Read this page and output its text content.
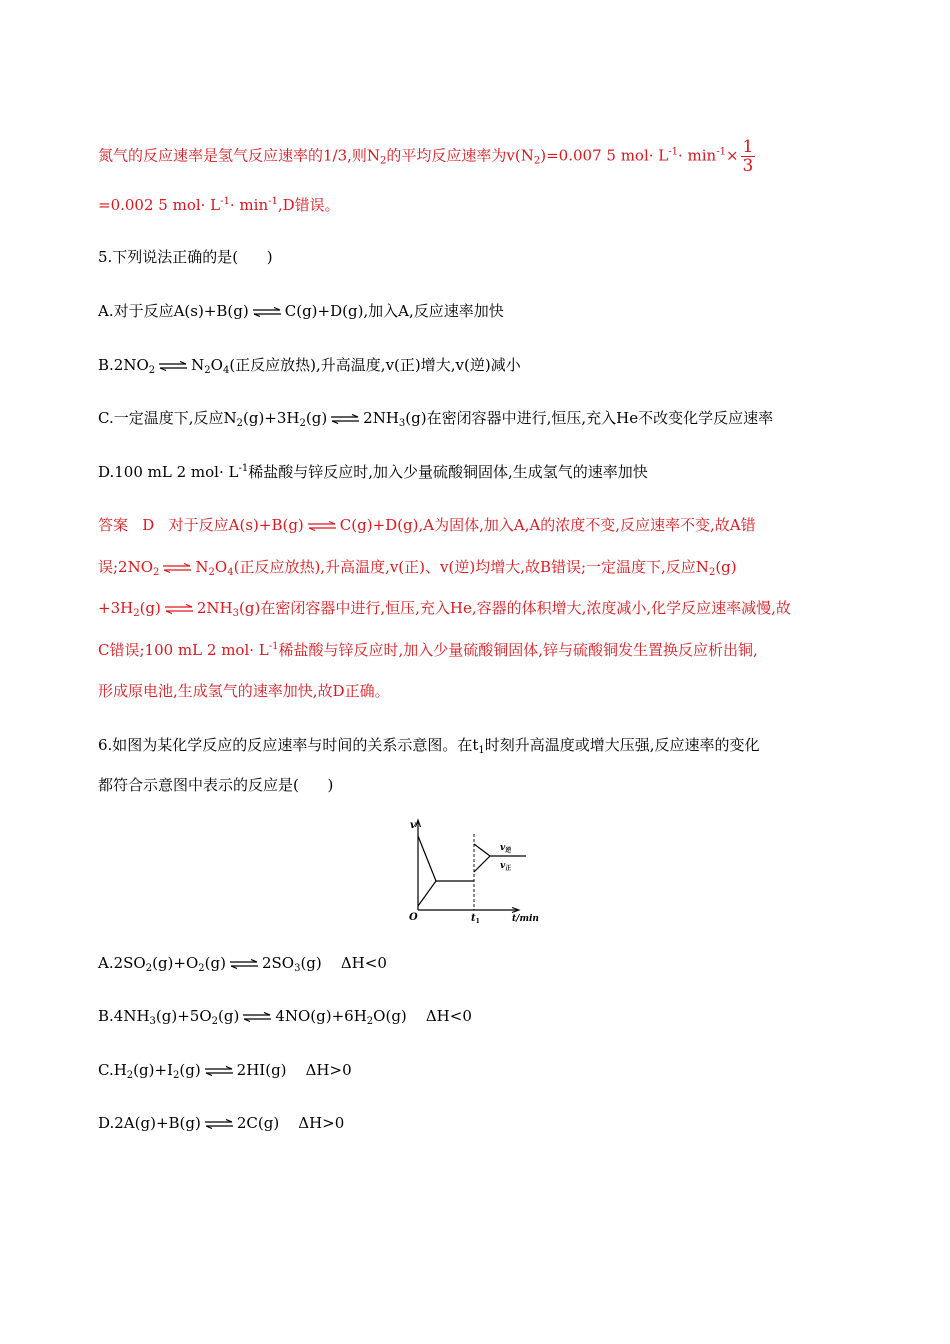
氮气的反应速率是氢气反应速率的1/3,则$N_2$的平均反应速率为$v(N_2)=0.007$ 5 $mol\cdot L^{-1}\cdot \min^{-1}\times \frac{1}{3}$
=0.002 5 $mol\cdot L^{-1}\cdot \min^{-1},D$错误。
5.下列说法正确的是(      )
A.对于反应A(s)+B(g) C(g)+D(g),加入A,反应速率加快
$B.2NO_2$ $N_2O_4$(正反应放热),升高温度,v(正)增大,v(逆)减小
C.一定温度下,反应$N_2(g)+3H_2(g)$ $2NH_3(g)$在密闭容器中进行,恒压,充入He不改变化学反应速率
D.100 mL 2 $mol\cdot L^{-1}$稀盐酸与锌反应时,加入少量硫酸铜固体,生成氢气的速率加快
答案   D   对于反应A(s)+B(g) C(g)+D(g),A为固体,加入A,A的浓度不变,反应速率不变,故A错
误$;2NO_2$ $N_2O_4$(正反应放热),升高温度,v(正)、v(逆)均增大,故B错误;一定温度下,反应$N_2(g)$
$+3H_2(g)$ $2NH_3(g)$在密闭容器中进行,恒压,充入He,容器的体积增大,浓度减小,化学反应速率减慢,故
C错误;100 mL 2 $mol\cdot L^{-1}$稀盐酸与锌反应时,加入少量硫酸铜固体,锌与硫酸铜发生置换反应析出铜,
形成原电池,生成氢气的速率加快,故D正确。
6.如图为某化学反应的反应速率与时间的关系示意图。在$t_1$时刻升高温度或增大压强,反应速率的变化
都符合示意图中表示的反应是(      )
v
O	$t_1$	t/min
$v_逆$
$v_正$
$A.2SO_2(g)+O_2(g)$ $2SO_3(g)$    ΔH<0
$B.4NH_3(g)+5O_2(g)$ $4NO(g)+6H_2O(g)$    ΔH<0
$C.H_2(g)+I_2(g)$ 2HI(g)    ΔH>0
D.2A(g)+B(g) 2C(g)    ΔH>0
